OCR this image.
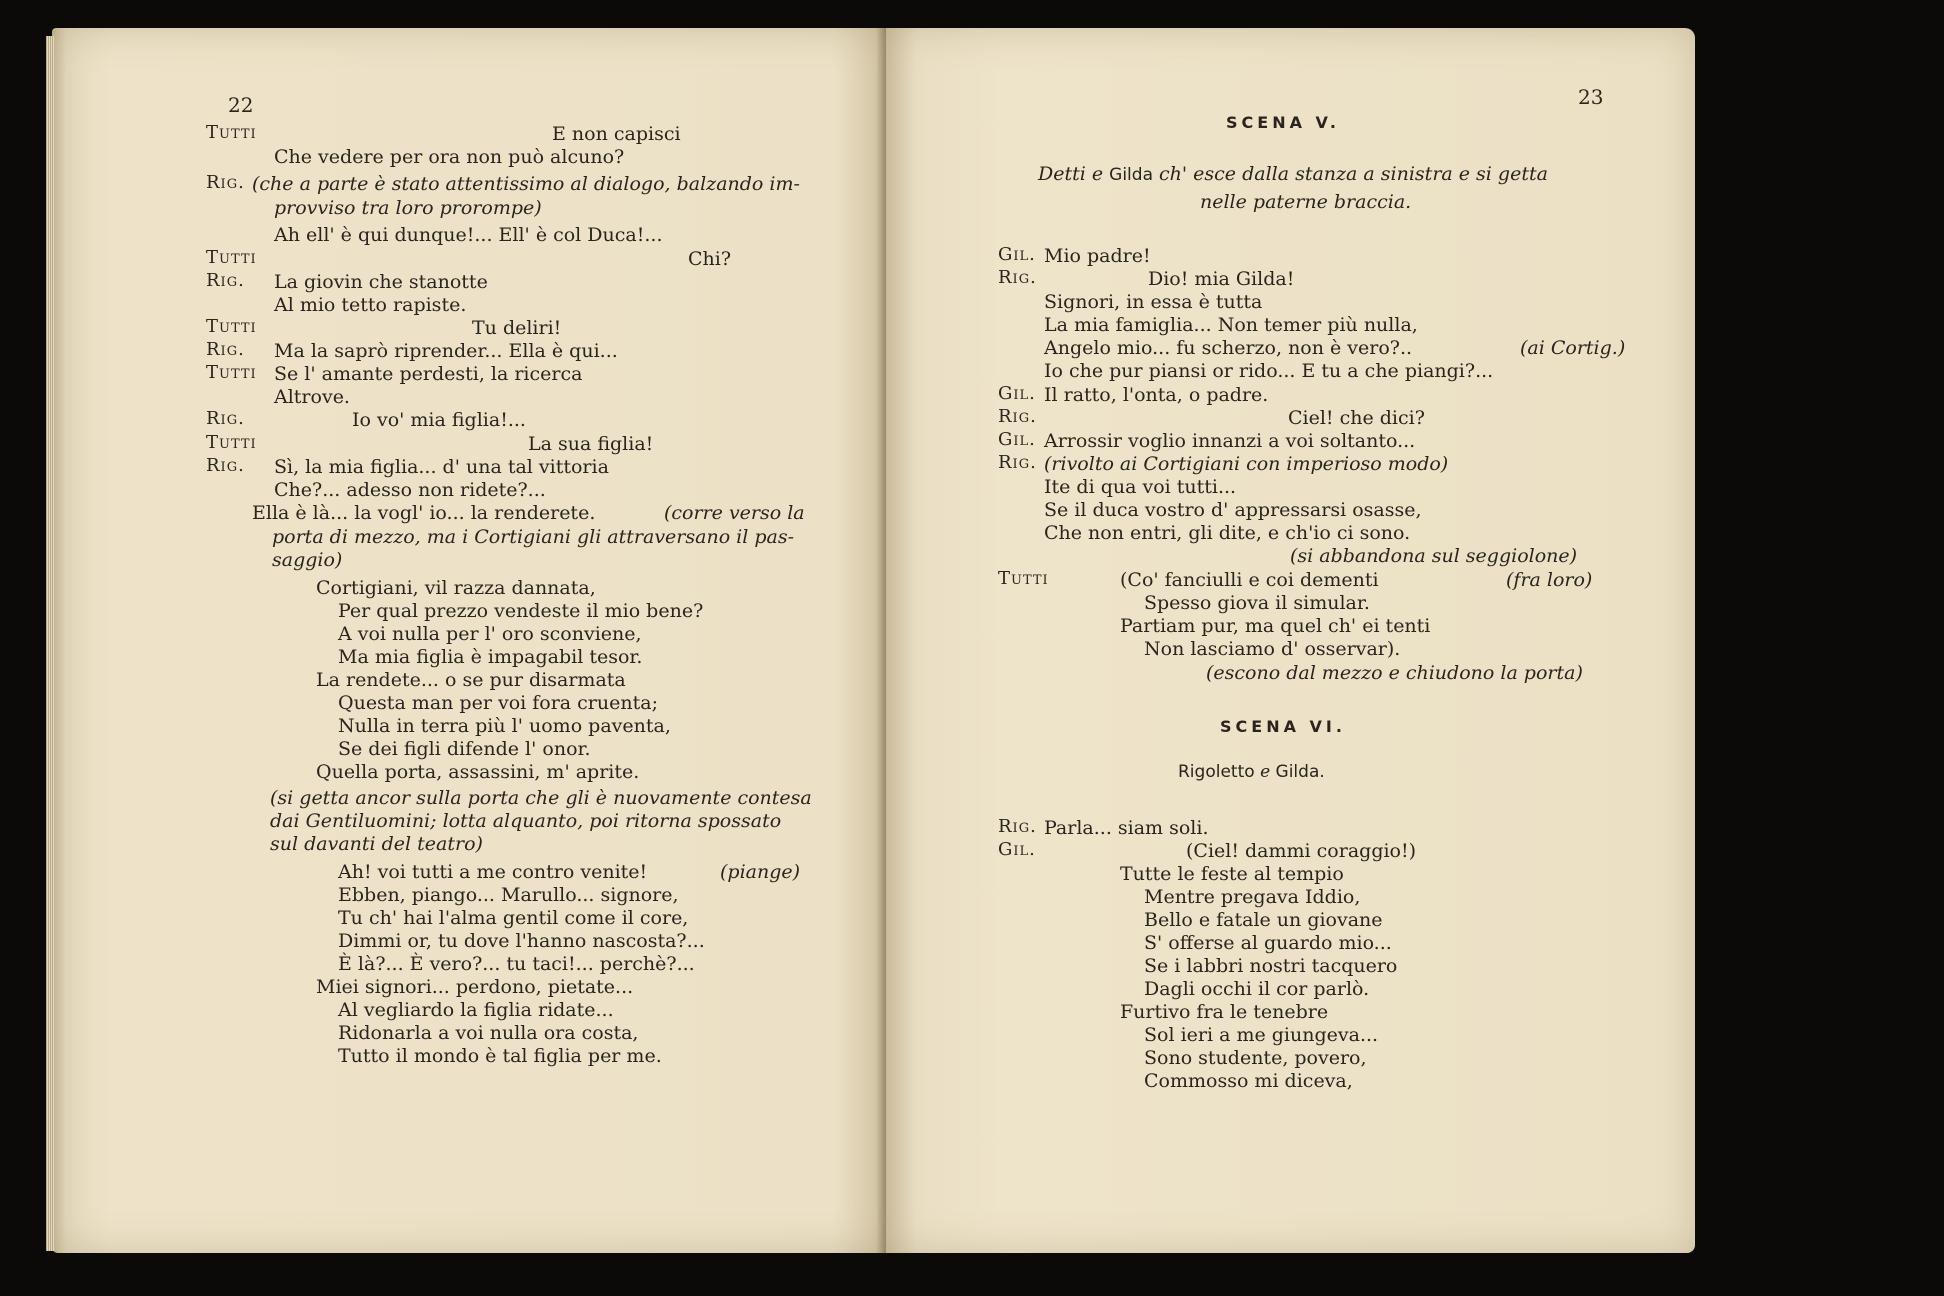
22
Tutti	E non capisci
Che vedere per ora non può alcuno?
Rig. (che a parte è stato attentissimo al dialogo, balzando im-
provviso tra loro prorompe)
Ah ell' è qui dunque!... Ell' è col Duca!...
Tutti	Chi?
Rig. La giovin che stanotte
Al mio tetto rapiste.
Tutti	Tu deliri!
Rig. Ma la saprò riprender... Ella è qui...
Tutti Se l' amante perdesti, la ricerca
Altrove.
Rig.	Io vo' mia figlia!...
Tutti	La sua figlia!
Rig. Sì, la mia figlia... d' una tal vittoria
Che?... adesso non ridete?...
Ella è là... la vogl' io... la renderete.	(corre verso la
porta di mezzo, ma i Cortigiani gli attraversano il pas-
saggio)
Cortigiani, vil razza dannata,
Per qual prezzo vendeste il mio bene?
A voi nulla per l' oro sconviene,
Ma mia figlia è impagabil tesor.
La rendete... o se pur disarmata
Questa man per voi fora cruenta;
Nulla in terra più l' uomo paventa,
Se dei figli difende l' onor.
Quella porta, assassini, m' aprite.
(si getta ancor sulla porta che gli è nuovamente contesa
dai Gentiluomini; lotta alquanto, poi ritorna spossato
sul davanti del teatro)
Ah! voi tutti a me contro venite!	(piange)
Ebben, piango... Marullo... signore,
Tu ch' hai l'alma gentil come il core,
Dimmi or, tu dove l'hanno nascosta?...
È là?... È vero?... tu taci!... perchè?...
Miei signori... perdono, pietate...
Al vegliardo la figlia ridate...
Ridonarla a voi nulla ora costa,
Tutto il mondo è tal figlia per me.
23
SCENA V.
Detti e Gilda ch' esce dalla stanza a sinistra e si getta
nelle paterne braccia.
Gil. Mio padre!
Rig.	Dio! mia Gilda!
Signori, in essa è tutta
La mia famiglia... Non temer più nulla,
Angelo mio... fu scherzo, non è vero?..	(ai Cortig.)
Io che pur piansi or rido... E tu a che piangi?...
Gil. Il ratto, l'onta, o padre.
Rig.	Ciel! che dici?
Gil. Arrossir voglio innanzi a voi soltanto...
Rig. (rivolto ai Cortigiani con imperioso modo)
Ite di qua voi tutti...
Se il duca vostro d' appressarsi osasse,
Che non entri, gli dite, e ch'io ci sono.
(si abbandona sul seggiolone)
Tutti	(Co' fanciulli e coi dementi	(fra loro)
Spesso giova il simular.
Partiam pur, ma quel ch' ei tenti
Non lasciamo d' osservar).
(escono dal mezzo e chiudono la porta)
SCENA VI.
Rigoletto e Gilda.
Rig. Parla... siam soli.
Gil.	(Ciel! dammi coraggio!)
Tutte le feste al tempio
Mentre pregava Iddio,
Bello e fatale un giovane
S' offerse al guardo mio...
Se i labbri nostri tacquero
Dagli occhi il cor parlò.
Furtivo fra le tenebre
Sol ieri a me giungeva...
Sono studente, povero,
Commosso mi diceva,
